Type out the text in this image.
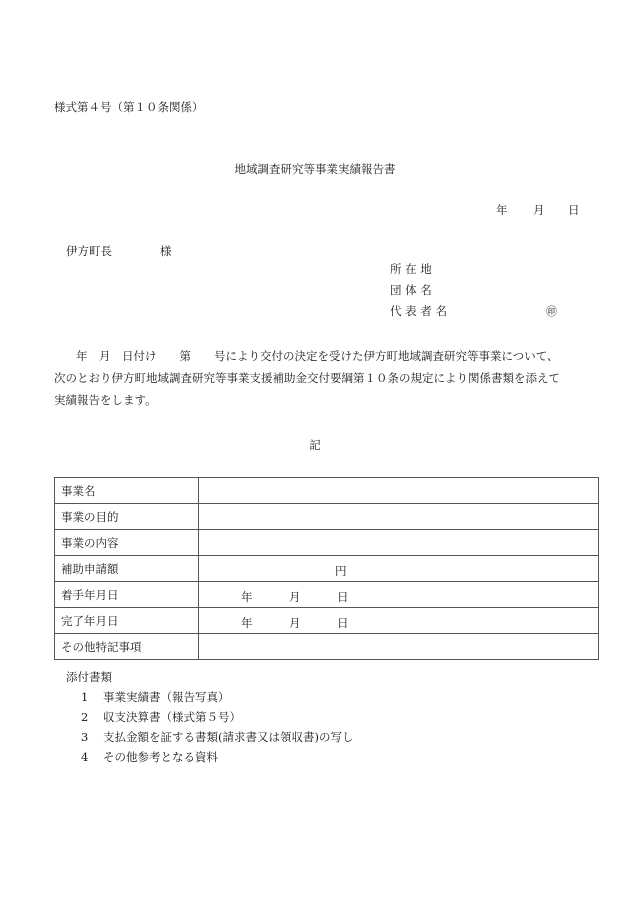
様式第４号（第１０条関係）
地域調査研究等事業実績報告書
年 月 日
伊方町長	様
所 在 地
団 体 名
代 表 者 名	㊞

年　月　日付け　　第　　号により交付の決定を受けた伊方町地域調査研究等事業について、

次のとおり伊方町地域調査研究等事業支援補助金交付要綱第１０条の規定により関係書類を添えて

実績報告をします。

記
事業名	
事業の目的	
事業の内容	
補助申請額	円

着手年月日	年 月 日

完了年月日	年 月 日

その他特記事項	
添付書類
1 事業実績書（報告写真）
2 収支決算書（様式第５号）
3 支払金額を証する書類(請求書又は領収書)の写し
4 その他参考となる資料
